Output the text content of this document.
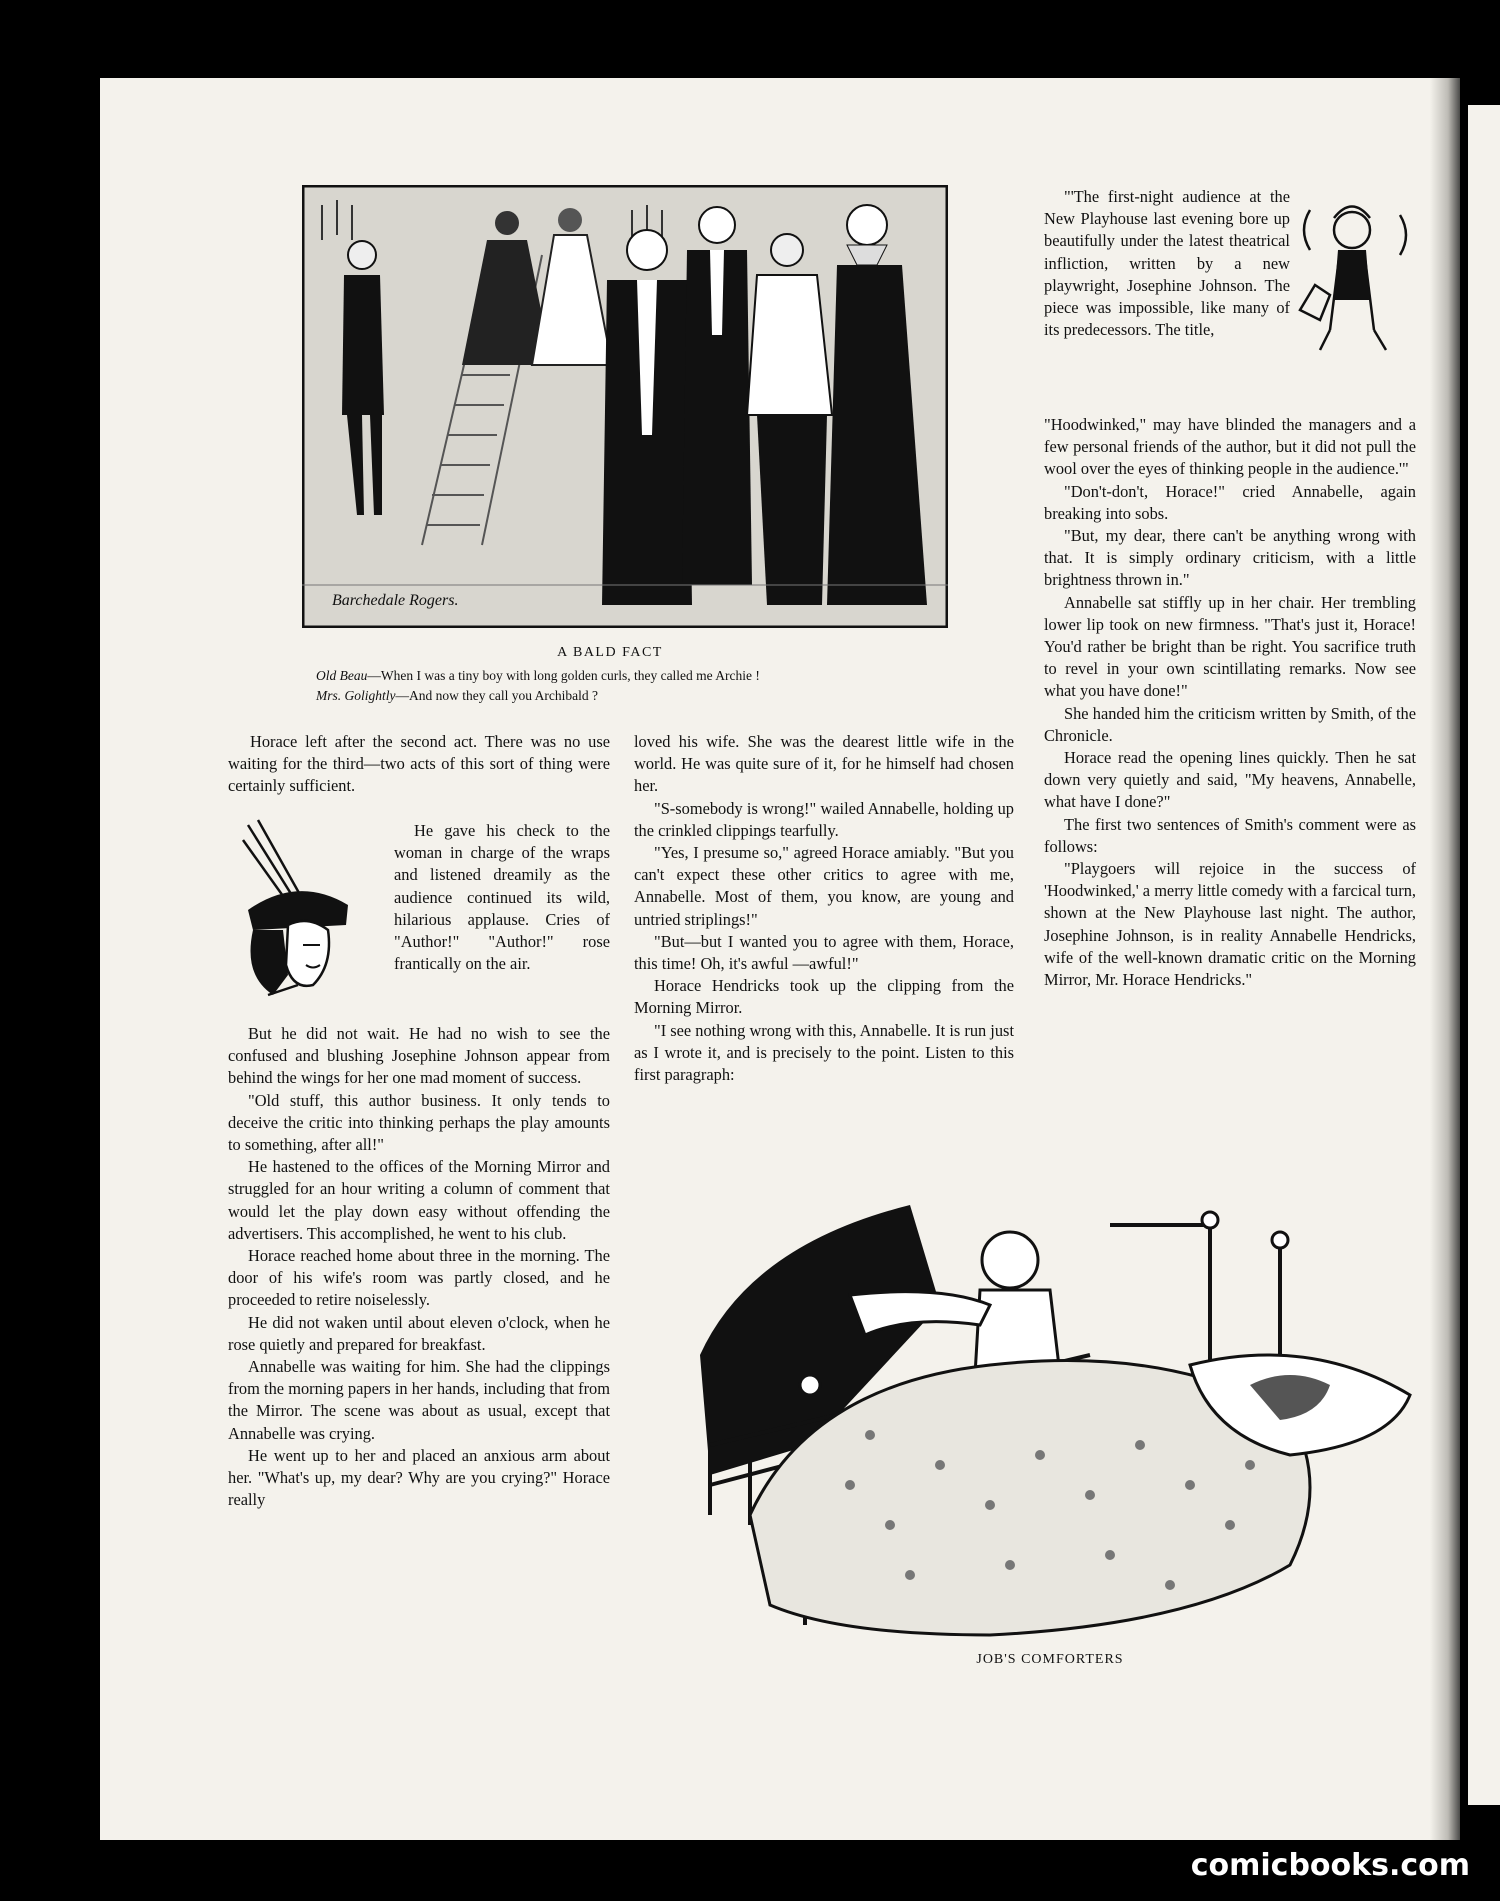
Barchedale Rogers.
A BALD FACT
Old Beau—When I was a tiny boy with long golden curls, they called me Archie !
Mrs. Golightly—And now they call you Archibald ?

Horace left after the second act. There was no use waiting for the third—two acts of this sort of thing were certainly sufficient.

He gave his check to the woman in charge of the wraps and listened dreamily as the audience continued its wild, hilarious applause. Cries of "Author!" "Author!" rose frantically on the air.

But he did not wait. He had no wish to see the confused and blushing Josephine Johnson appear from behind the wings for her one mad moment of success.

"Old stuff, this author business. It only tends to deceive the critic into thinking perhaps the play amounts to something, after all!"

He hastened to the offices of the Morning Mirror and struggled for an hour writing a column of comment that would let the play down easy without offending the advertisers. This accomplished, he went to his club.

Horace reached home about three in the morning. The door of his wife's room was partly closed, and he proceeded to retire noiselessly.

He did not waken until about eleven o'clock, when he rose quietly and prepared for breakfast.

Annabelle was waiting for him. She had the clippings from the morning papers in her hands, including that from the Mirror. The scene was about as usual, except that Annabelle was crying.

He went up to her and placed an anxious arm about her. "What's up, my dear? Why are you crying?" Horace really

loved his wife. She was the dearest little wife in the world. He was quite sure of it, for he himself had chosen her.

"S-somebody is wrong!" wailed Annabelle, holding up the crinkled clippings tearfully.

"Yes, I presume so," agreed Horace amiably. "But you can't expect these other critics to agree with me, Annabelle. Most of them, you know, are young and untried striplings!"

"But—but I wanted you to agree with them, Horace, this time! Oh, it's awful —awful!"

Horace Hendricks took up the clipping from the Morning Mirror.

"I see nothing wrong with this, Annabelle. It is run just as I wrote it, and is precisely to the point. Listen to this first paragraph:

"'The first-night audience at the New Playhouse last evening bore up beautifully under the latest theatrical infliction, written by a new playwright, Josephine Johnson. The piece was impossible, like many of its predecessors. The title,

"Hoodwinked," may have blinded the managers and a few personal friends of the author, but it did not pull the wool over the eyes of thinking people in the audience.'"

"Don't-don't, Horace!" cried Annabelle, again breaking into sobs.

"But, my dear, there can't be anything wrong with that. It is simply ordinary criticism, with a little brightness thrown in."

Annabelle sat stiffly up in her chair. Her trembling lower lip took on new firmness. "That's just it, Horace! You'd rather be bright than be right. You sacrifice truth to revel in your own scintillating remarks. Now see what you have done!"

She handed him the criticism written by Smith, of the Chronicle.

Horace read the opening lines quickly. Then he sat down very quietly and said, "My heavens, Annabelle, what have I done?"

The first two sentences of Smith's comment were as follows:

"Playgoers will rejoice in the success of 'Hoodwinked,' a merry little comedy with a farcical turn, shown at the New Playhouse last night. The author, Josephine Johnson, is in reality Annabelle Hendricks, wife of the well-known dramatic critic on the Morning Mirror, Mr. Horace Hendricks."

JOB'S COMFORTERS
comicbooks.com
